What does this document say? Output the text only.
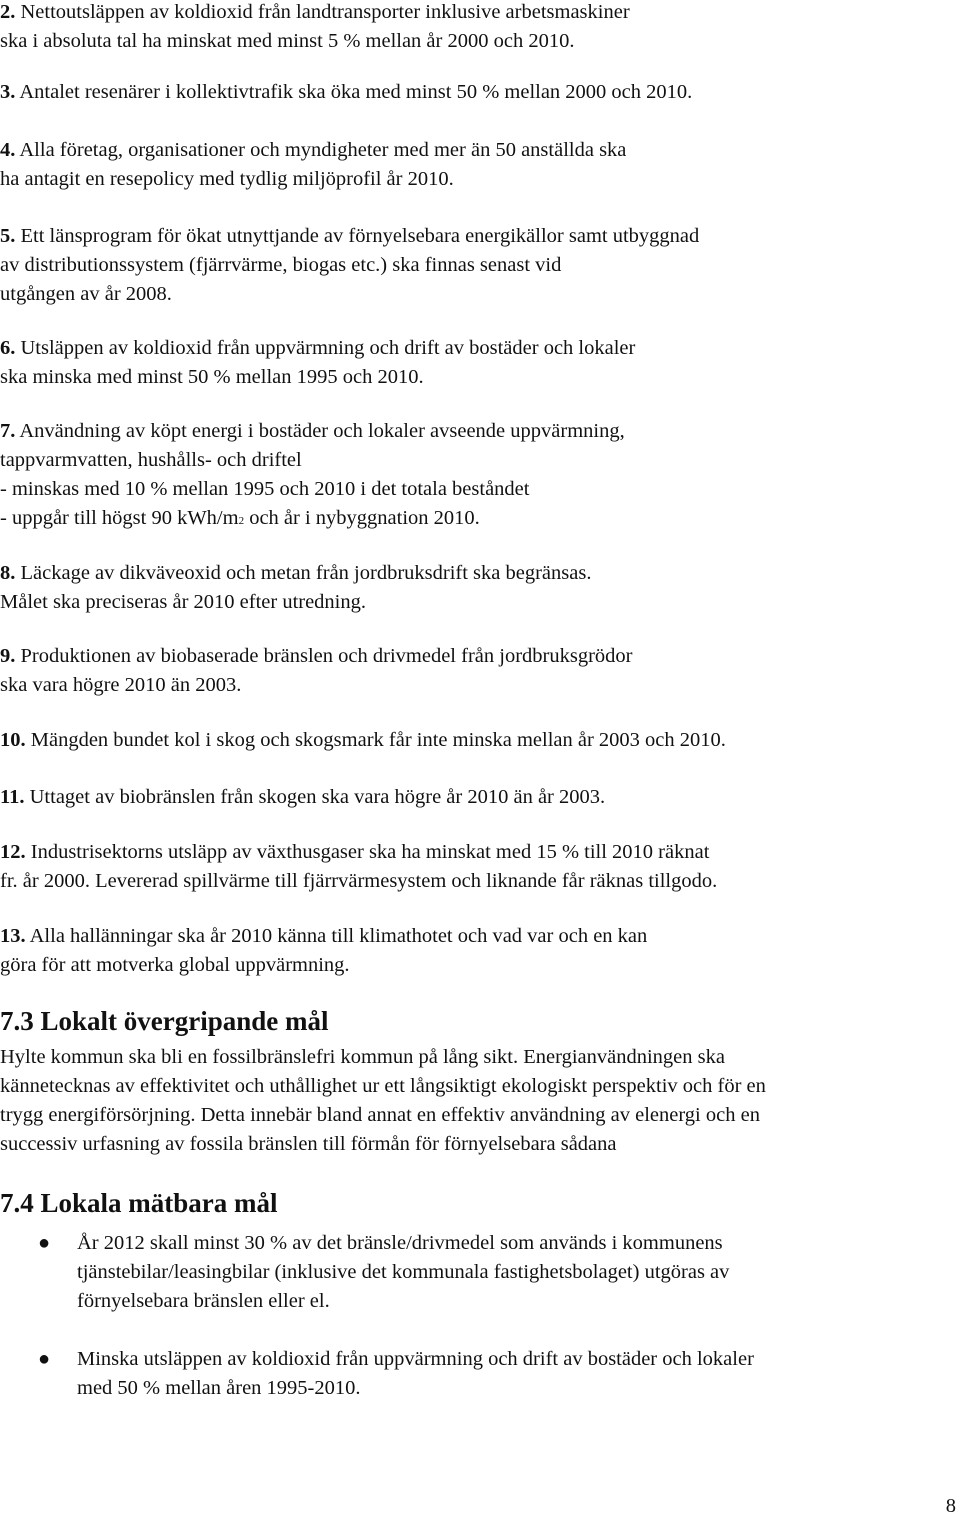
2. Nettoutsläppen av koldioxid från landtransporter inklusive arbetsmaskiner
ska i absoluta tal ha minskat med minst 5 % mellan år 2000 och 2010.
3. Antalet resenärer i kollektivtrafik ska öka med minst 50 % mellan 2000 och 2010.
4. Alla företag, organisationer och myndigheter med mer än 50 anställda ska
ha antagit en resepolicy med tydlig miljöprofil år 2010.
5. Ett länsprogram för ökat utnyttjande av förnyelsebara energikällor samt utbyggnad
av distributionssystem (fjärrvärme, biogas etc.) ska finnas senast vid
utgången av år 2008.
6. Utsläppen av koldioxid från uppvärmning och drift av bostäder och lokaler
ska minska med minst 50 % mellan 1995 och 2010.
7. Användning av köpt energi i bostäder och lokaler avseende uppvärmning,
tappvarmvatten, hushålls- och driftel
- minskas med 10 % mellan 1995 och 2010 i det totala beståndet
- uppgår till högst 90 kWh/m2 och år i nybyggnation 2010.
8. Läckage av dikväveoxid och metan från jordbruksdrift ska begränsas.
Målet ska preciseras år 2010 efter utredning.
9. Produktionen av biobaserade bränslen och drivmedel från jordbruksgrödor
ska vara högre 2010 än 2003.
10. Mängden bundet kol i skog och skogsmark får inte minska mellan år 2003 och 2010.
11. Uttaget av biobränslen från skogen ska vara högre år 2010 än år 2003.
12. Industrisektorns utsläpp av växthusgaser ska ha minskat med 15 % till 2010 räknat
fr. år 2000. Levererad spillvärme till fjärrvärmesystem och liknande får räknas tillgodo.
13. Alla hallänningar ska år 2010 känna till klimathotet och vad var och en kan
göra för att motverka global uppvärmning.
7.3 Lokalt övergripande mål
Hylte kommun ska bli en fossilbränslefri kommun på lång sikt. Energianvändningen ska
kännetecknas av effektivitet och uthållighet ur ett långsiktigt ekologiskt perspektiv och för en
trygg energiförsörjning. Detta innebär bland annat en effektiv användning av elenergi och en
successiv urfasning av fossila bränslen till förmån för förnyelsebara sådana
7.4 Lokala mätbara mål
● År 2012 skall minst 30 % av det bränsle/drivmedel som används i kommunens
tjänstebilar/leasingbilar (inklusive det kommunala fastighetsbolaget) utgöras av
förnyelsebara bränslen eller el.
● Minska utsläppen av koldioxid från uppvärmning och drift av bostäder och lokaler
med 50 % mellan åren 1995-2010.
8
